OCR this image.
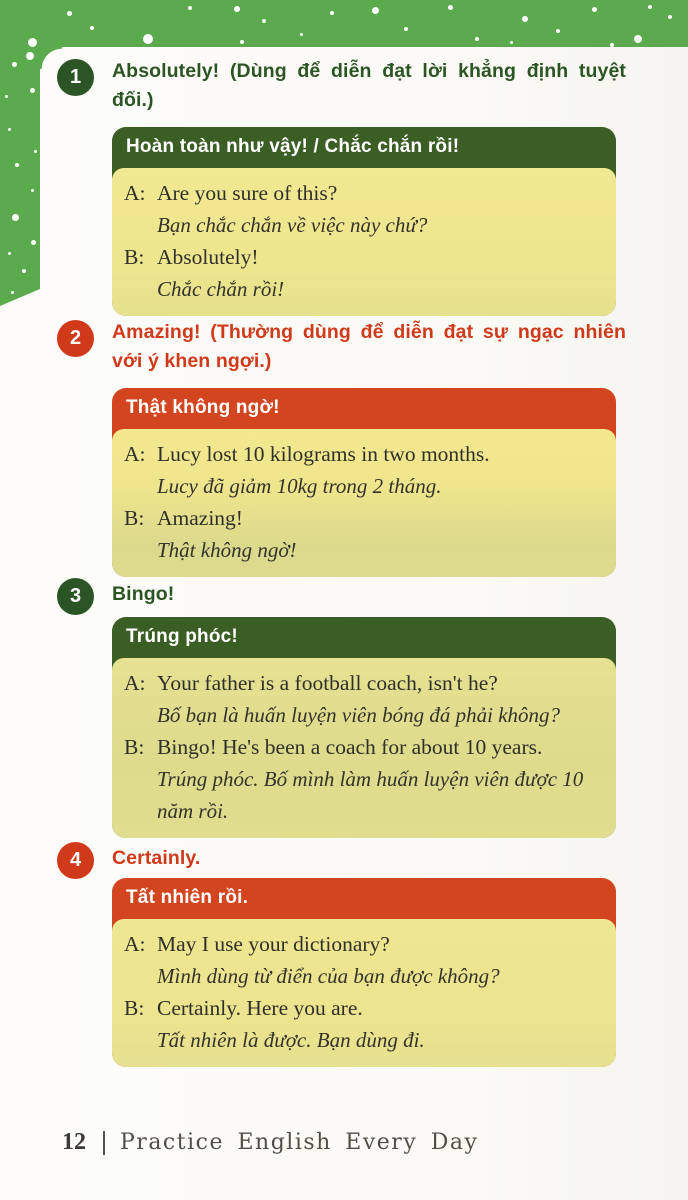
1 Absolutely! (Dùng để diễn đạt lời khẳng định tuyệt đối.)
Hoàn toàn như vậy! / Chắc chắn rồi!
A: Are you sure of this?
Bạn chắc chắn về việc này chứ?
B: Absolutely!
Chắc chắn rồi!
2 Amazing! (Thường dùng để diễn đạt sự ngạc nhiên với ý khen ngợi.)
Thật không ngờ!
A: Lucy lost 10 kilograms in two months.
Lucy đã giảm 10kg trong 2 tháng.
B: Amazing!
Thật không ngờ!
3 Bingo!
Trúng phóc!
A: Your father is a football coach, isn't he?
Bố bạn là huấn luyện viên bóng đá phải không?
B: Bingo! He's been a coach for about 10 years.
Trúng phóc. Bố mình làm huấn luyện viên được 10 năm rồi.
4 Certainly.
Tất nhiên rồi.
A: May I use your dictionary?
Mình dùng từ điển của bạn được không?
B: Certainly. Here you are.
Tất nhiên là được. Bạn dùng đi.
12 Practice English Every Day
